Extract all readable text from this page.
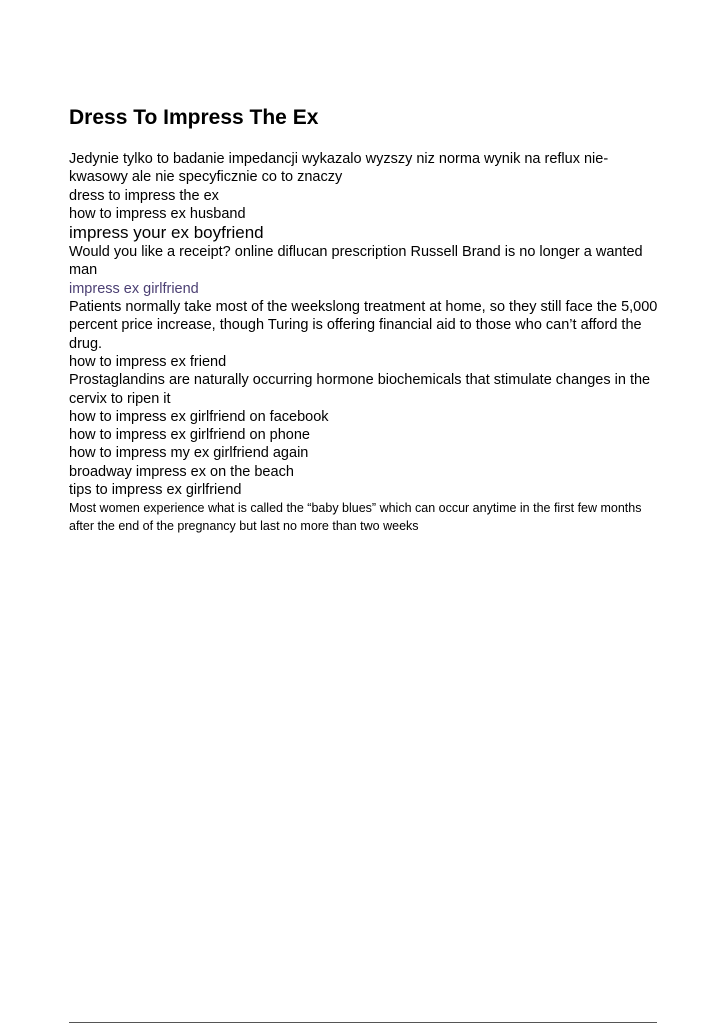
Dress To Impress The Ex

Jedynie tylko to badanie impedancji wykazalo wyzszy niz norma wynik na reflux nie-kwasowy ale nie specyficznie co to znaczy

dress to impress the ex

how to impress ex husband

impress your ex boyfriend

Would you like a receipt? online diflucan prescription Russell Brand is no longer a wanted man

impress ex girlfriend

Patients normally take most of the weekslong treatment at home, so they still face the 5,000 percent price increase, though Turing is offering financial aid to those who can’t afford the drug.

how to impress ex friend

Prostaglandins are naturally occurring hormone biochemicals that stimulate changes in the cervix to ripen it

how to impress ex girlfriend on facebook

how to impress ex girlfriend on phone

how to impress my ex girlfriend again

broadway impress ex on the beach

tips to impress ex girlfriend

Most women experience what is called the “baby blues” which can occur anytime in the first few months after the end of the pregnancy but last no more than two weeks
